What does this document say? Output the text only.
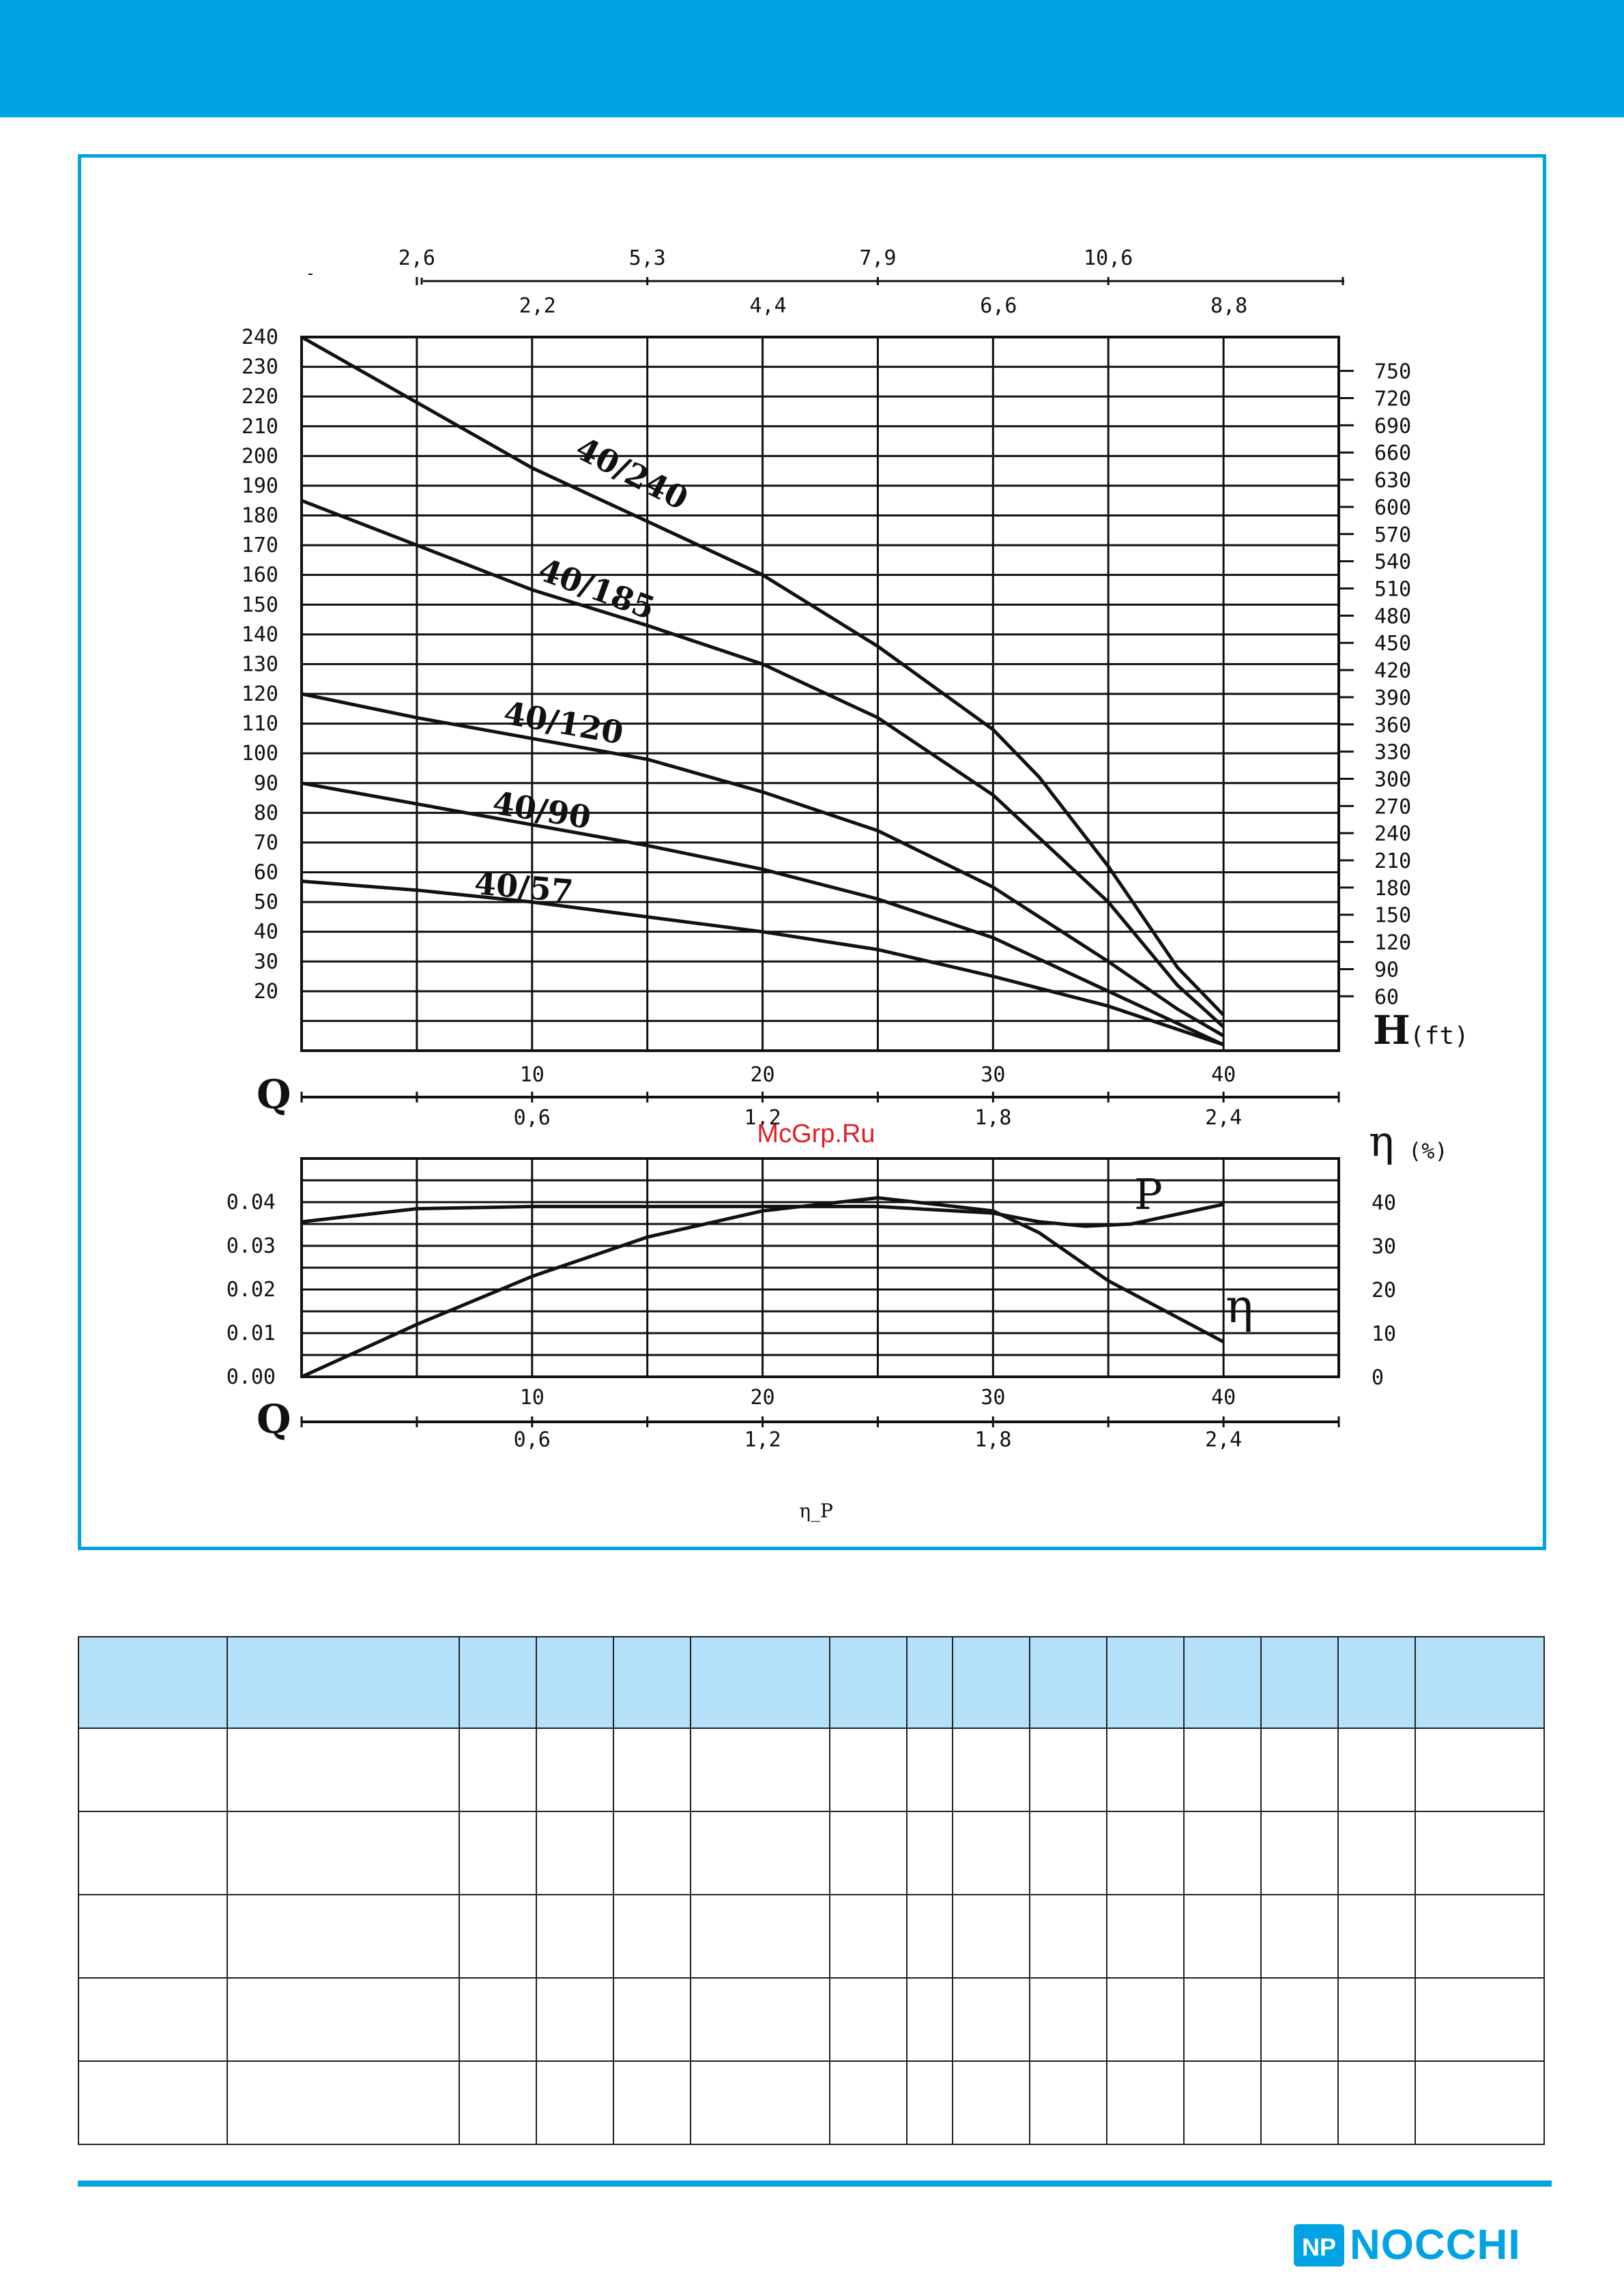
20
30
40
50
60
70
80
90
100
110
120
130
140
150
160
170
180
190
200
210
220
230
240
60
90
120
150
180
210
240
270
300
330
360
390
420
450
480
510
540
570
600
630
660
690
720
750
H (ft)
2,6	5,3	7,9	10,6
2,2	4,4	6,6	8,8
40/240
40/185
40/120
40/90
40/57
10	20	30	40
0,6	1,2	1,8	2,4
Q
0.00
0.01
0.02
0.03
0.04
0
10
20
30
40
η (%)
P
η
10	20	30	40
0,6	1,2	1,8	2,4
Q
η_P
McGrp.Ru

NP NOCCHI
